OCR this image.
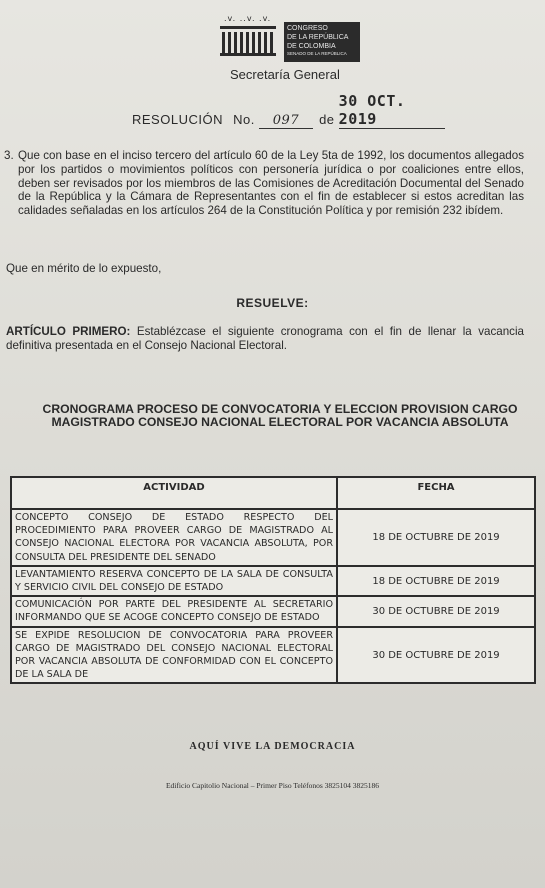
.v. ..v. .v.
CONGRESO
DE LA REPÚBLICA
DE COLOMBIA
SENADO DE LA REPÚBLICA
Secretaría General
RESOLUCIÓN No. 097 de 30 OCT. 2019
3. Que con base en el inciso tercero del artículo 60 de la Ley 5ta de 1992, los documentos allegados por los partidos o movimientos políticos con personería jurídica o por coaliciones entre ellos, deben ser revisados por los miembros de las Comisiones de Acreditación Documental del Senado de la República y la Cámara de Representantes con el fin de establecer si estos acreditan las calidades señaladas en los artículos 264 de la Constitución Política y por remisión 232 ibídem.
Que en mérito de lo expuesto,
RESUELVE:
ARTÍCULO PRIMERO: Establézcase el siguiente cronograma con el fin de llenar la vacancia definitiva presentada en el Consejo Nacional Electoral.
CRONOGRAMA PROCESO DE CONVOCATORIA Y ELECCION PROVISION CARGO MAGISTRADO CONSEJO NACIONAL ELECTORAL POR VACANCIA ABSOLUTA
ACTIVIDAD	FECHA

CONCEPTO CONSEJO DE ESTADO RESPECTO DEL PROCEDIMIENTO PARA PROVEER CARGO DE MAGISTRADO AL CONSEJO NACIONAL ELECTORA POR VACANCIA ABSOLUTA, POR CONSULTA DEL PRESIDENTE DEL SENADO	18 DE OCTUBRE DE 2019
LEVANTAMIENTO RESERVA CONCEPTO DE LA SALA DE CONSULTA Y SERVICIO CIVIL DEL CONSEJO DE ESTADO	18 DE OCTUBRE DE 2019
COMUNICACIÓN POR PARTE DEL PRESIDENTE AL SECRETARIO INFORMANDO QUE SE ACOGE CONCEPTO CONSEJO DE ESTADO	30 DE OCTUBRE DE 2019
SE EXPIDE RESOLUCION DE CONVOCATORIA PARA PROVEER CARGO DE MAGISTRADO DEL CONSEJO NACIONAL ELECTORAL POR VACANCIA ABSOLUTA DE CONFORMIDAD CON EL CONCEPTO DE LA SALA DE	30 DE OCTUBRE DE 2019
AQUÍ VIVE LA DEMOCRACIA
Edificio Capitolio Nacional – Primer Piso Teléfonos 3825104 3825186
